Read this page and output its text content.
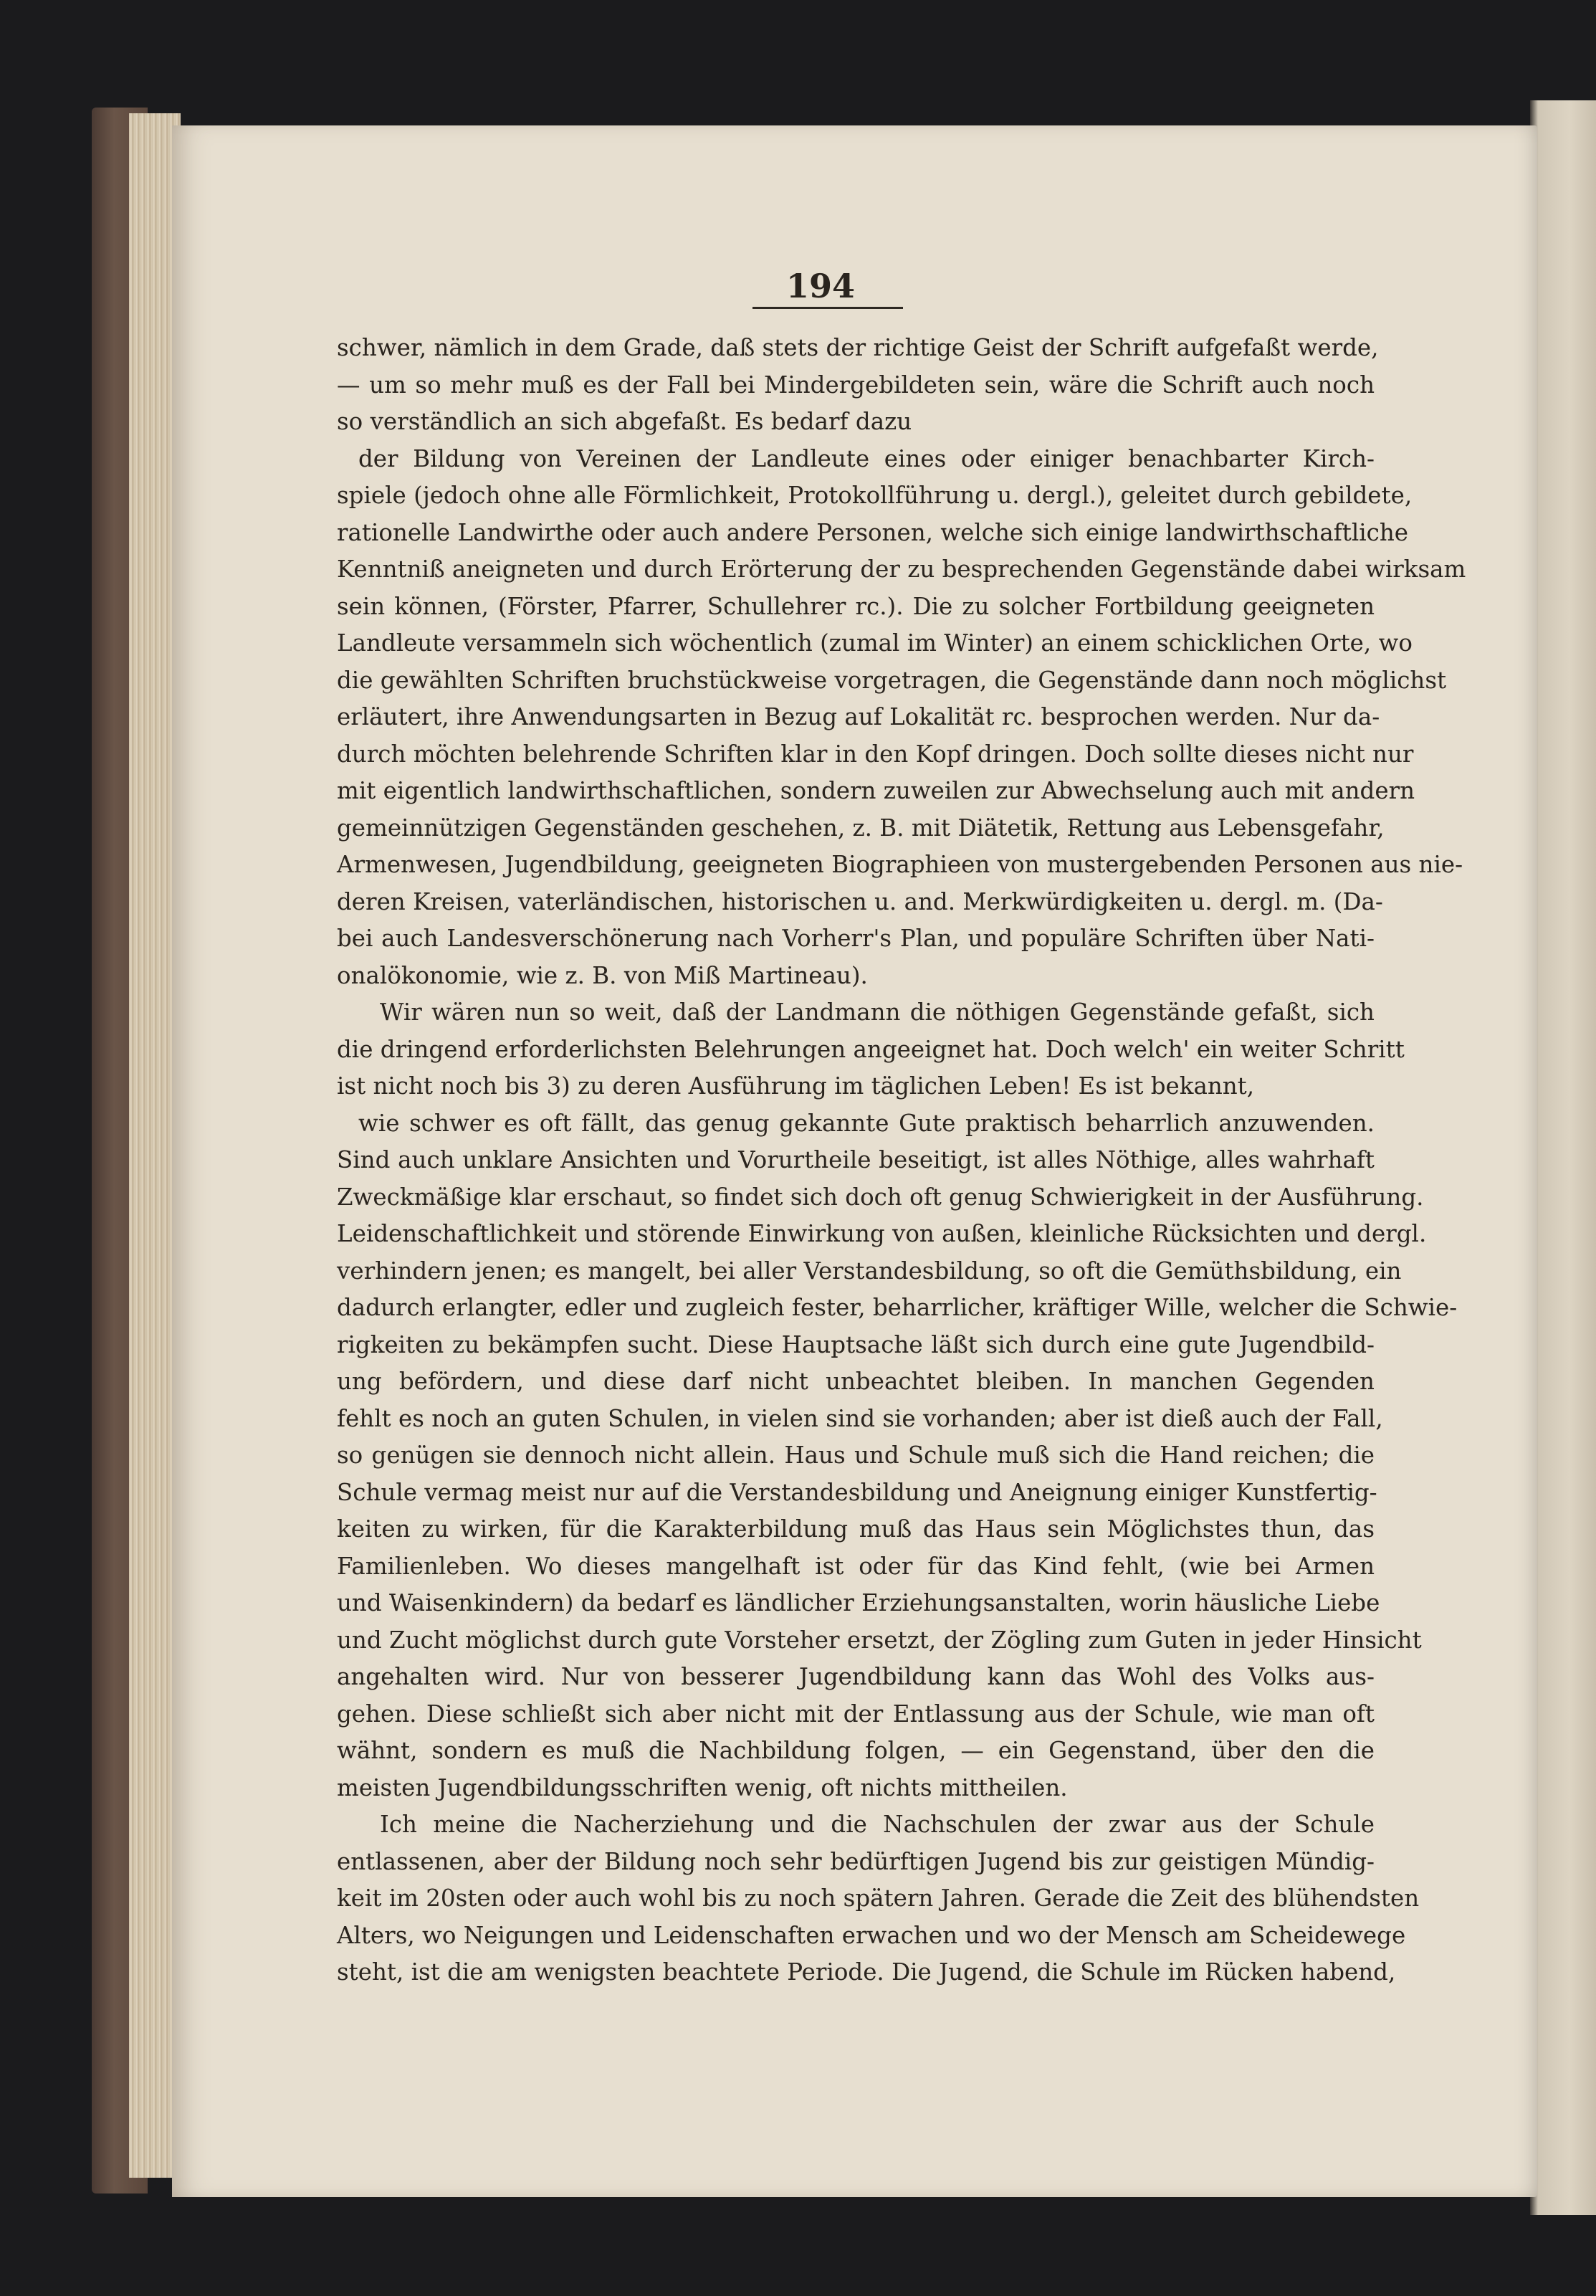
194
schwer, nämlich in dem Grade, daß stets der richtige Geist der Schrift aufgefaßt werde,
— um so mehr muß es der Fall bei Mindergebildeten sein, wäre die Schrift auch noch
so verständlich an sich abgefaßt. Es bedarf dazu
der Bildung von Vereinen der Landleute eines oder einiger benachbarter Kirch-
spiele (jedoch ohne alle Förmlichkeit, Protokollführung u. dergl.), geleitet durch gebildete,
rationelle Landwirthe oder auch andere Personen, welche sich einige landwirthschaftliche
Kenntniß aneigneten und durch Erörterung der zu besprechenden Gegenstände dabei wirksam
sein können, (Förster, Pfarrer, Schullehrer rc.). Die zu solcher Fortbildung geeigneten
Landleute versammeln sich wöchentlich (zumal im Winter) an einem schicklichen Orte, wo
die gewählten Schriften bruchstückweise vorgetragen, die Gegenstände dann noch möglichst
erläutert, ihre Anwendungsarten in Bezug auf Lokalität rc. besprochen werden. Nur da-
durch möchten belehrende Schriften klar in den Kopf dringen. Doch sollte dieses nicht nur
mit eigentlich landwirthschaftlichen, sondern zuweilen zur Abwechselung auch mit andern
gemeinnützigen Gegenständen geschehen, z. B. mit Diätetik, Rettung aus Lebensgefahr,
Armenwesen, Jugendbildung, geeigneten Biographieen von mustergebenden Personen aus nie-
deren Kreisen, vaterländischen, historischen u. and. Merkwürdigkeiten u. dergl. m. (Da-
bei auch Landesverschönerung nach Vorherr's Plan, und populäre Schriften über Nati-
onalökonomie, wie z. B. von Miß Martineau).
Wir wären nun so weit, daß der Landmann die nöthigen Gegenstände gefaßt, sich
die dringend erforderlichsten Belehrungen angeeignet hat. Doch welch' ein weiter Schritt
ist nicht noch bis 3) zu deren Ausführung im täglichen Leben! Es ist bekannt,
wie schwer es oft fällt, das genug gekannte Gute praktisch beharrlich anzuwenden.
Sind auch unklare Ansichten und Vorurtheile beseitigt, ist alles Nöthige, alles wahrhaft
Zweckmäßige klar erschaut, so findet sich doch oft genug Schwierigkeit in der Ausführung.
Leidenschaftlichkeit und störende Einwirkung von außen, kleinliche Rücksichten und dergl.
verhindern jenen; es mangelt, bei aller Verstandesbildung, so oft die Gemüthsbildung, ein
dadurch erlangter, edler und zugleich fester, beharrlicher, kräftiger Wille, welcher die Schwie-
rigkeiten zu bekämpfen sucht. Diese Hauptsache läßt sich durch eine gute Jugendbild-
ung befördern, und diese darf nicht unbeachtet bleiben. In manchen Gegenden
fehlt es noch an guten Schulen, in vielen sind sie vorhanden; aber ist dieß auch der Fall,
so genügen sie dennoch nicht allein. Haus und Schule muß sich die Hand reichen; die
Schule vermag meist nur auf die Verstandesbildung und Aneignung einiger Kunstfertig-
keiten zu wirken, für die Karakterbildung muß das Haus sein Möglichstes thun, das
Familienleben. Wo dieses mangelhaft ist oder für das Kind fehlt, (wie bei Armen
und Waisenkindern) da bedarf es ländlicher Erziehungsanstalten, worin häusliche Liebe
und Zucht möglichst durch gute Vorsteher ersetzt, der Zögling zum Guten in jeder Hinsicht
angehalten wird. Nur von besserer Jugendbildung kann das Wohl des Volks aus-
gehen. Diese schließt sich aber nicht mit der Entlassung aus der Schule, wie man oft
wähnt, sondern es muß die Nachbildung folgen, — ein Gegenstand, über den die
meisten Jugendbildungsschriften wenig, oft nichts mittheilen.
Ich meine die Nacherziehung und die Nachschulen der zwar aus der Schule
entlassenen, aber der Bildung noch sehr bedürftigen Jugend bis zur geistigen Mündig-
keit im 20sten oder auch wohl bis zu noch spätern Jahren. Gerade die Zeit des blühendsten
Alters, wo Neigungen und Leidenschaften erwachen und wo der Mensch am Scheidewege
steht, ist die am wenigsten beachtete Periode. Die Jugend, die Schule im Rücken habend,
